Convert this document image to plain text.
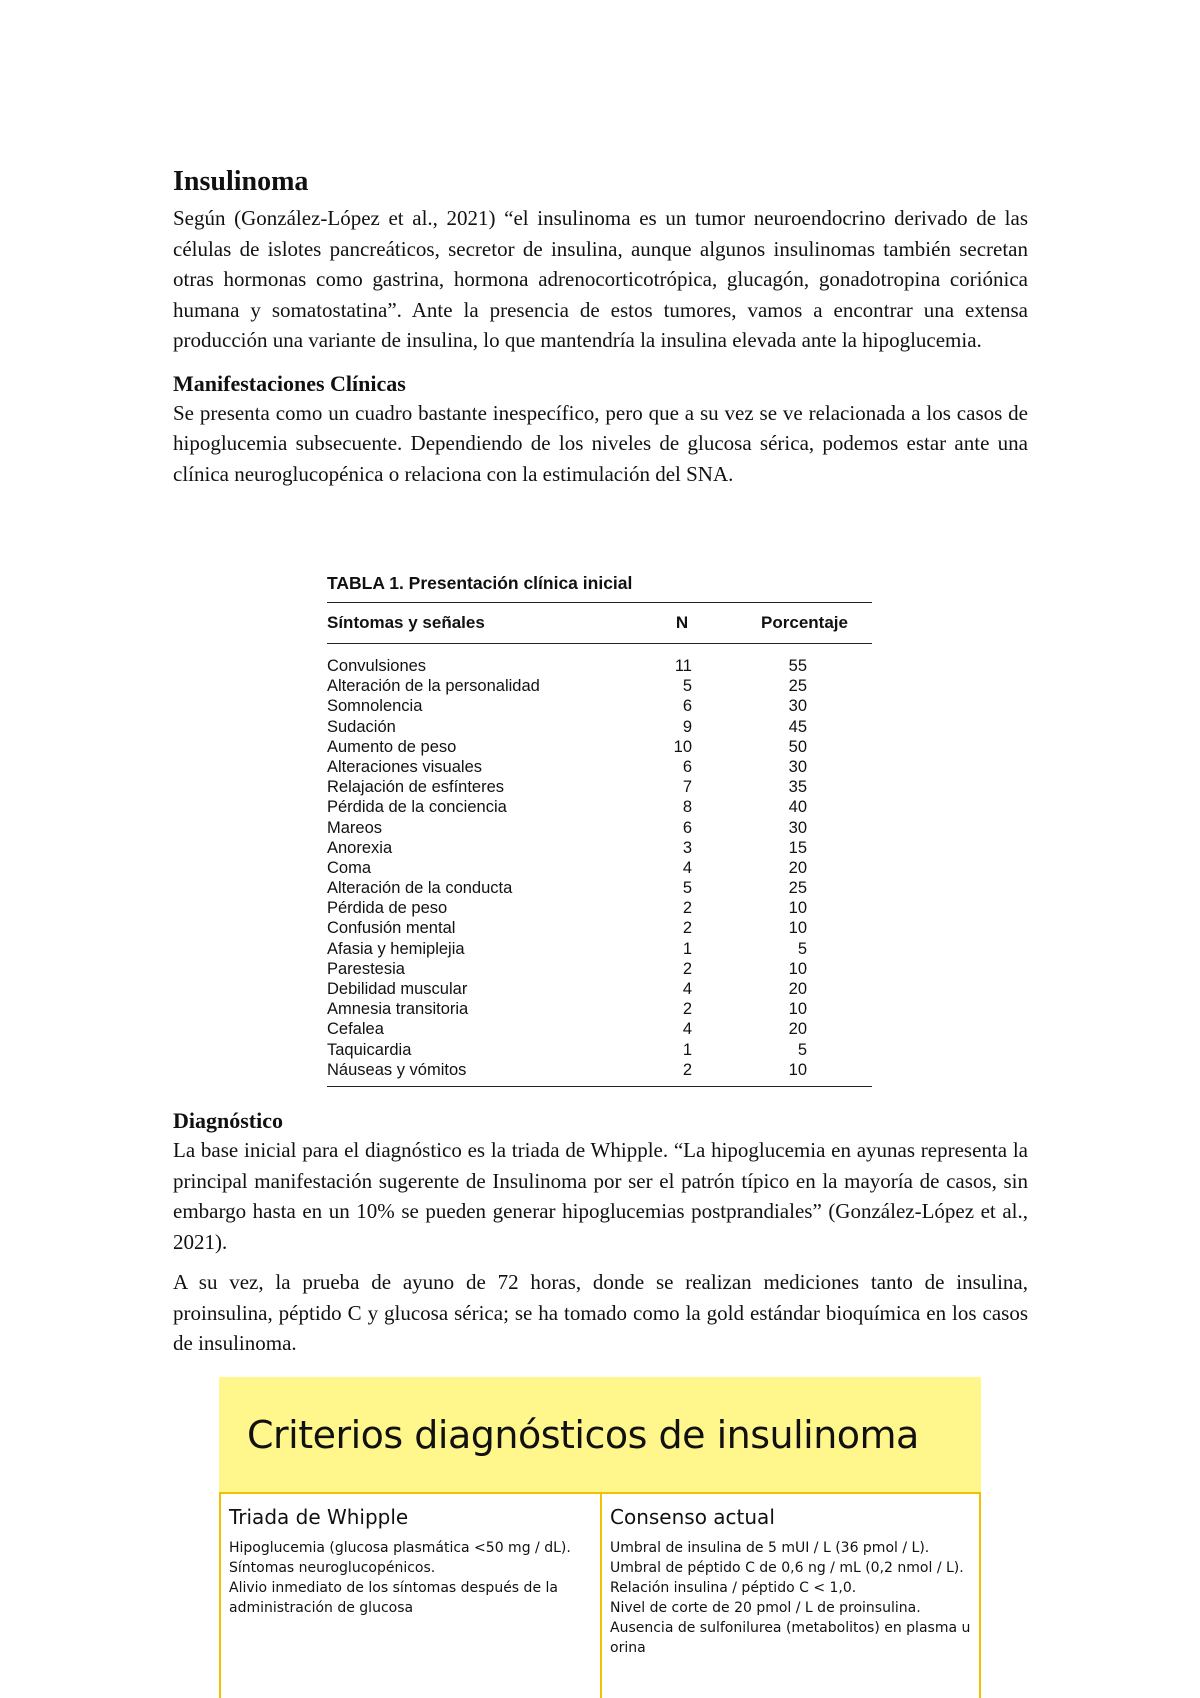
Insulinoma

Según (González-López et al., 2021) “el insulinoma es un tumor neuroendocrino derivado de las células de islotes pancreáticos, secretor de insulina, aunque algunos insulinomas también secretan otras hormonas como gastrina, hormona adrenocorticotrópica, glucagón, gonadotropina coriónica humana y somatostatina”. Ante la presencia de estos tumores, vamos a encontrar una extensa producción una variante de insulina, lo que mantendría la insulina elevada ante la hipoglucemia.

Manifestaciones Clínicas

Se presenta como un cuadro bastante inespecífico, pero que a su vez se ve relacionada a los casos de hipoglucemia subsecuente. Dependiendo de los niveles de glucosa sérica, podemos estar ante una clínica neuroglucopénica o relaciona con la estimulación del SNA.

TABLA 1. Presentación clínica inicial
Síntomas y señales	N	Porcentaje
Convulsiones	11	55
Alteración de la personalidad	5	25
Somnolencia	6	30
Sudación	9	45
Aumento de peso	10	50
Alteraciones visuales	6	30
Relajación de esfínteres	7	35
Pérdida de la conciencia	8	40
Mareos	6	30
Anorexia	3	15
Coma	4	20
Alteración de la conducta	5	25
Pérdida de peso	2	10
Confusión mental	2	10
Afasia y hemiplejia	1	5
Parestesia	2	10
Debilidad muscular	4	20
Amnesia transitoria	2	10
Cefalea	4	20
Taquicardia	1	5
Náuseas y vómitos	2	10
Diagnóstico

La base inicial para el diagnóstico es la triada de Whipple. “La hipoglucemia en ayunas representa la principal manifestación sugerente de Insulinoma por ser el patrón típico en la mayoría de casos, sin embargo hasta en un 10% se pueden generar hipoglucemias postprandiales” (González-López et al., 2021).

A su vez, la prueba de ayuno de 72 horas, donde se realizan mediciones tanto de insulina, proinsulina, péptido C y glucosa sérica; se ha tomado como la gold estándar bioquímica en los casos de insulinoma.

Criterios diagnósticos de insulinoma
Triada de Whipple
Hipoglucemia (glucosa plasmática <50 mg / dL).
Síntomas neuroglucopénicos.
Alivio inmediato de los síntomas después de la administración de glucosa
Consenso actual
Umbral de insulina de 5 mUI / L (36 pmol / L).
Umbral de péptido C de 0,6 ng / mL (0,2 nmol / L).
Relación insulina / péptido C < 1,0.
Nivel de corte de 20 pmol / L de proinsulina.
Ausencia de sulfonilurea (metabolitos) en plasma u orina
